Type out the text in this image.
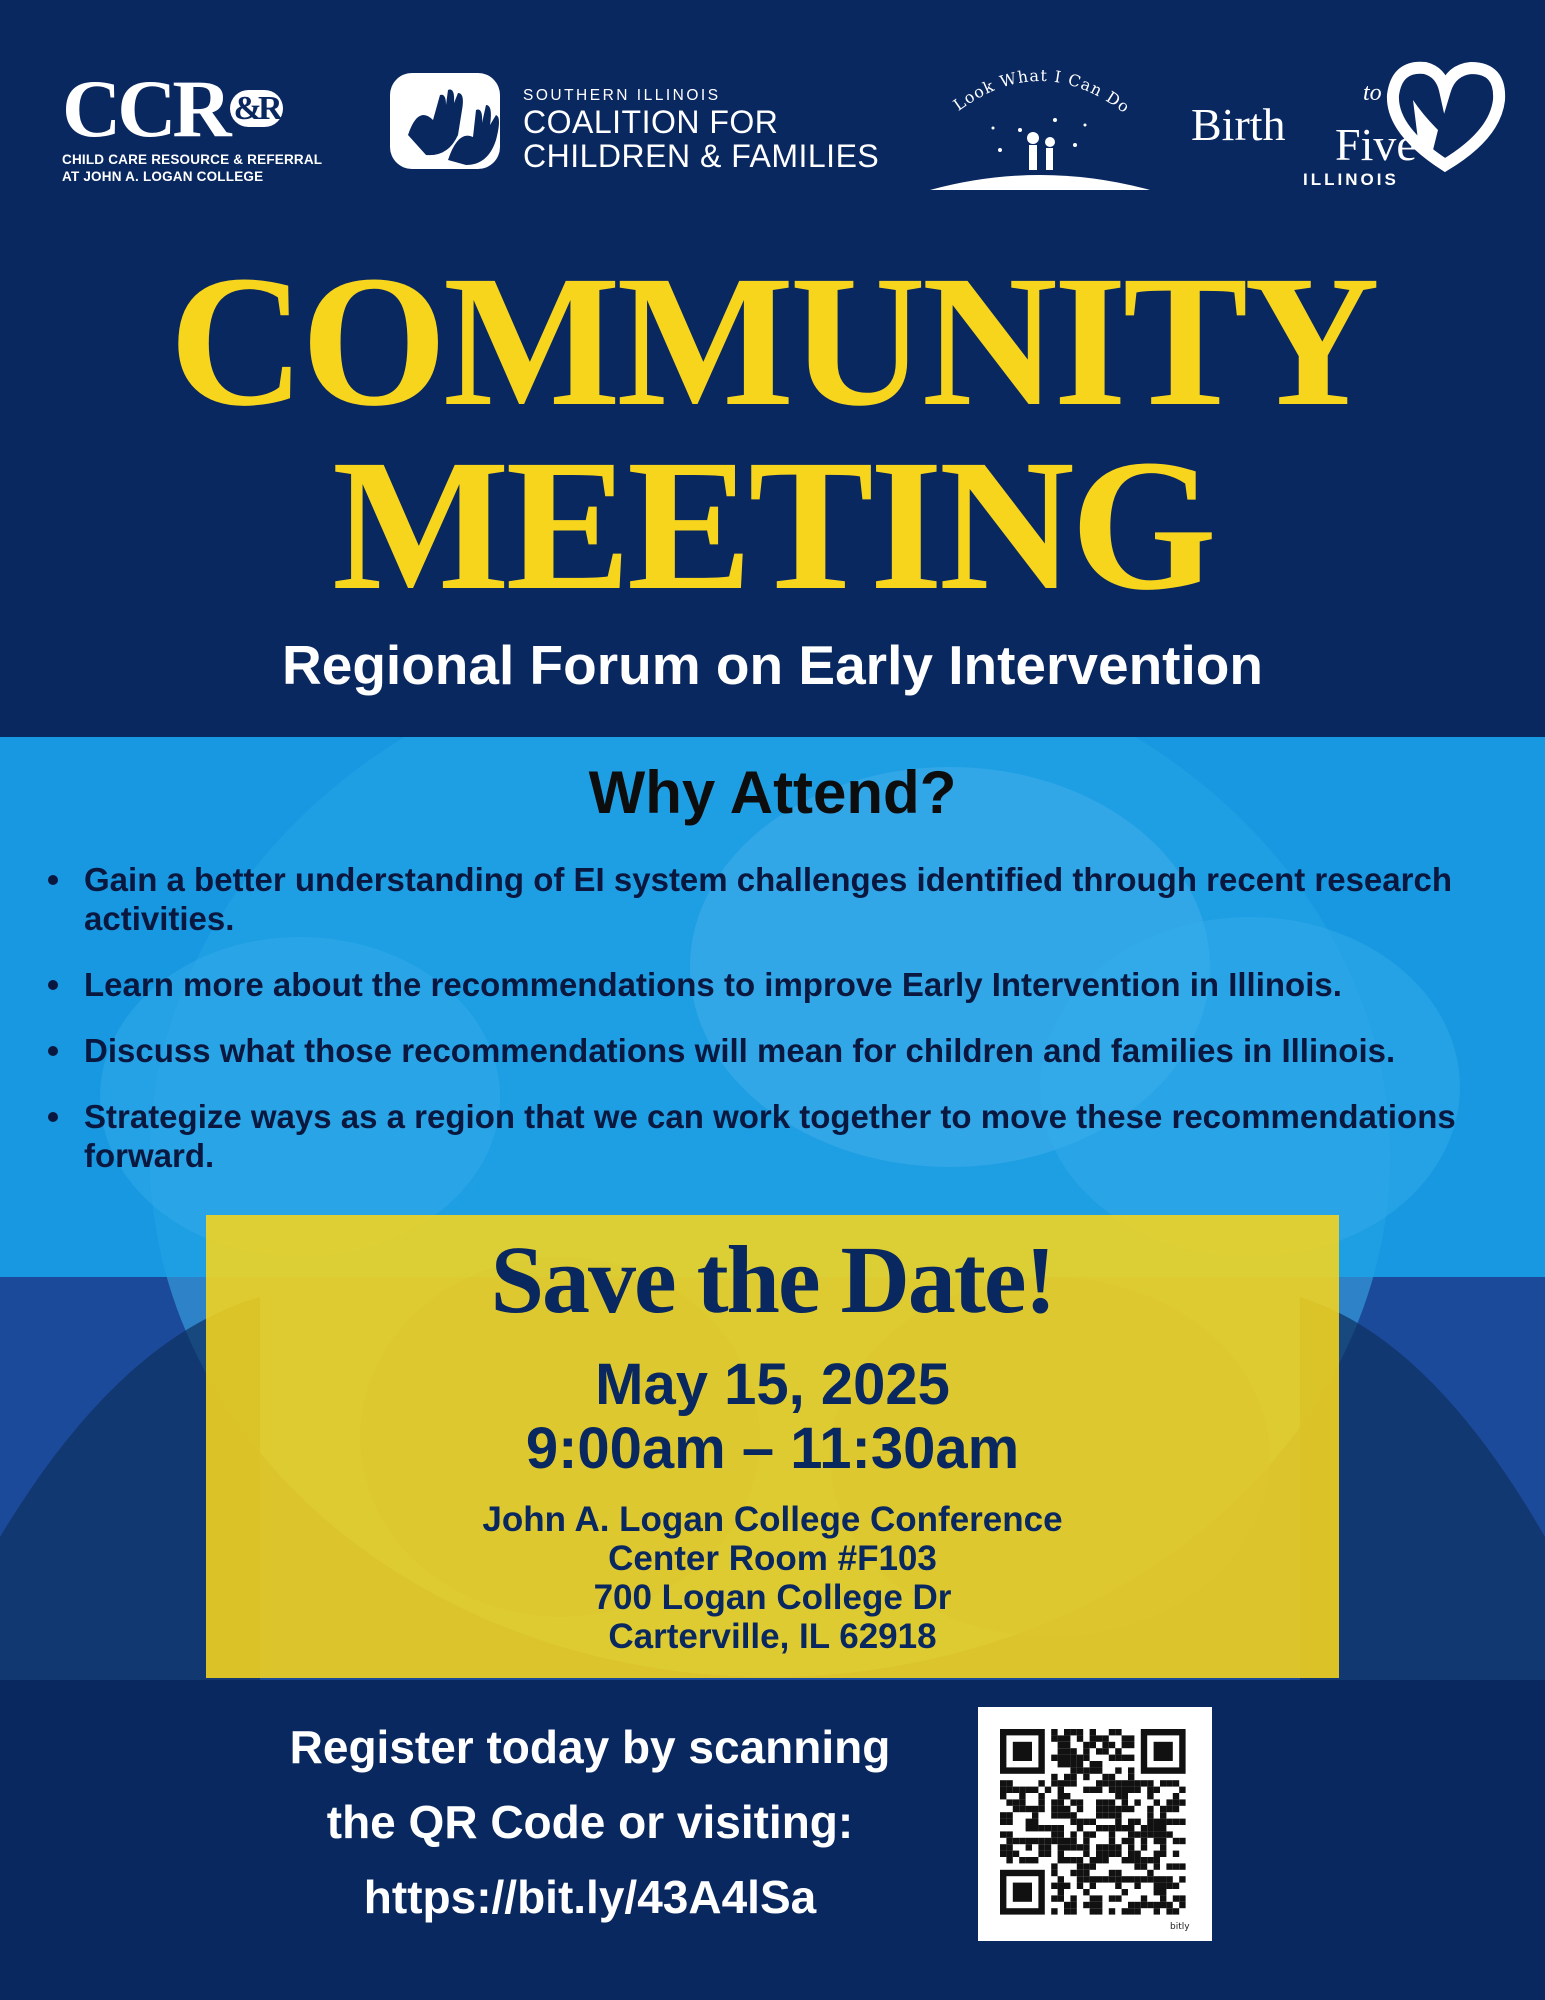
CCR $^{\&R}$
CHILD CARE RESOURCE & REFERRAL
AT JOHN A. LOGAN COLLEGE
SOUTHERN ILLINOIS
COALITION FOR
CHILDREN & FAMILIES
Look What I Can Do Birth
to
Five
ILLINOIS
COMMUNITY
MEETING
Regional Forum on Early Intervention
Why Attend?
Gain a better understanding of EI system challenges identified through recent research activities.
Learn more about the recommendations to improve Early Intervention in Illinois.
Discuss what those recommendations will mean for children and families in Illinois.
Strategize ways as a region that we can work together to move these recommendations forward.
Save the Date!
May 15, 2025
9:00am – 11:30am
John A. Logan College Conference
Center Room #F103
700 Logan College Dr
Carterville, IL 62918
Register today by scanning
the QR Code or visiting:
https://bit.ly/43A4lSa
bitly
